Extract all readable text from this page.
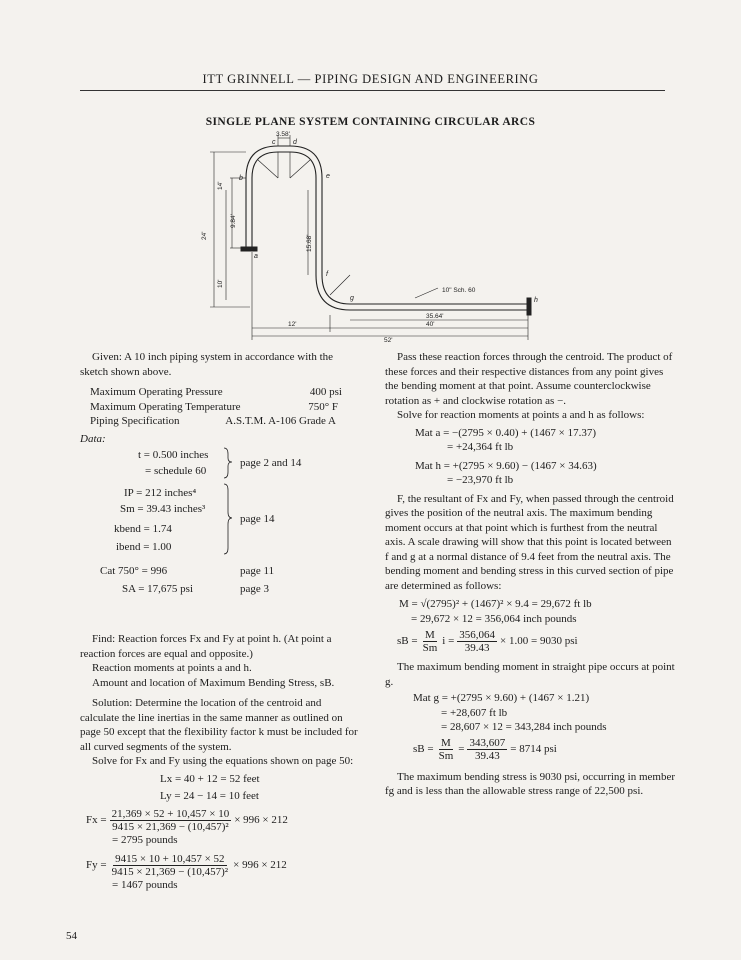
ITT GRINNELL — PIPING DESIGN AND ENGINEERING
SINGLE PLANE SYSTEM CONTAINING CIRCULAR ARCS
3.58'
24'
14'
9.84'
10'
15.68'
35.64'
40'
12'
52'
10" Sch. 60
a
b
c	d
e
f
g	h

Given: A 10 inch piping system in accordance with the sketch shown above.

Maximum Operating Pressure	400 psi
Maximum Operating Temperature	750° F
Piping Specification	A.S.T.M. A-106 Grade A

Data:

t = 0.500 inches
= schedule 60
page 2 and 14
IP = 212 inches⁴
Sm = 39.43 inches³
kbend = 1.74
ibend = 1.00
page 14
Cat 750° = 996	page 11
SA = 17,675 psi	page 3

Find: Reaction forces Fx and Fy at point h. (At point a reaction forces are equal and opposite.)

Reaction moments at points a and h.

Amount and location of Maximum Bending Stress, sB.

Solution: Determine the location of the centroid and calculate the line inertias in the same manner as outlined on page 50 except that the flexibility factor k must be included for all curved segments of the system.

Solve for Fx and Fy using the equations shown on page 50:

Lx = 40 + 12 = 52 feet

Ly = 24 − 14 = 10 feet

$Fx = \frac{21,369 \times 52 + 10,457 \times 10}{\text{9415 × 21,369 − (10,457)²}} \times 996 \times 212$

= 2795 pounds

$Fy = \frac{9415 \times 10 + 10,457 \times 52}{\text{9415 × 21,369 − (10,457)²}} \times 996 \times 212$

= 1467 pounds

Pass these reaction forces through the centroid. The product of these forces and their respective distances from any point gives the bending moment at that point. Assume counterclockwise rotation as + and clockwise rotation as −.

Solve for reaction moments at points a and h as follows:

Mat a = −(2795 × 0.40) + (1467 × 17.37)

= +24,364 ft lb

Mat h = +(2795 × 9.60) − (1467 × 34.63)

= −23,970 ft lb

F, the resultant of Fx and Fy, when passed through the centroid gives the position of the neutral axis. The maximum bending moment occurs at that point which is furthest from the neutral axis. A scale drawing will show that this point is located between f and g at a normal distance of 9.4 feet from the neutral axis. The bending moment and bending stress in this curved section of pipe are determined as follows:

M = √(2795)² + (1467)² × 9.4 = 29,672 ft lb

= 29,672 × 12 = 356,064 inch pounds

sB = $\frac{M}{Sm}$ $i = \frac{356,064}{39.43} \times 1.00 = 9030$ psi

The maximum bending moment in straight pipe occurs at point g.

Mat g = +(2795 × 9.60) + (1467 × 1.21)

= +28,607 ft lb

= 28,607 × 12 = 343,284 inch pounds

sB = $\frac{M}{Sm} = \frac{343,607}{39.43} = 8714$ psi

The maximum bending stress is 9030 psi, occurring in member fg and is less than the allowable stress range of 22,500 psi.

54
